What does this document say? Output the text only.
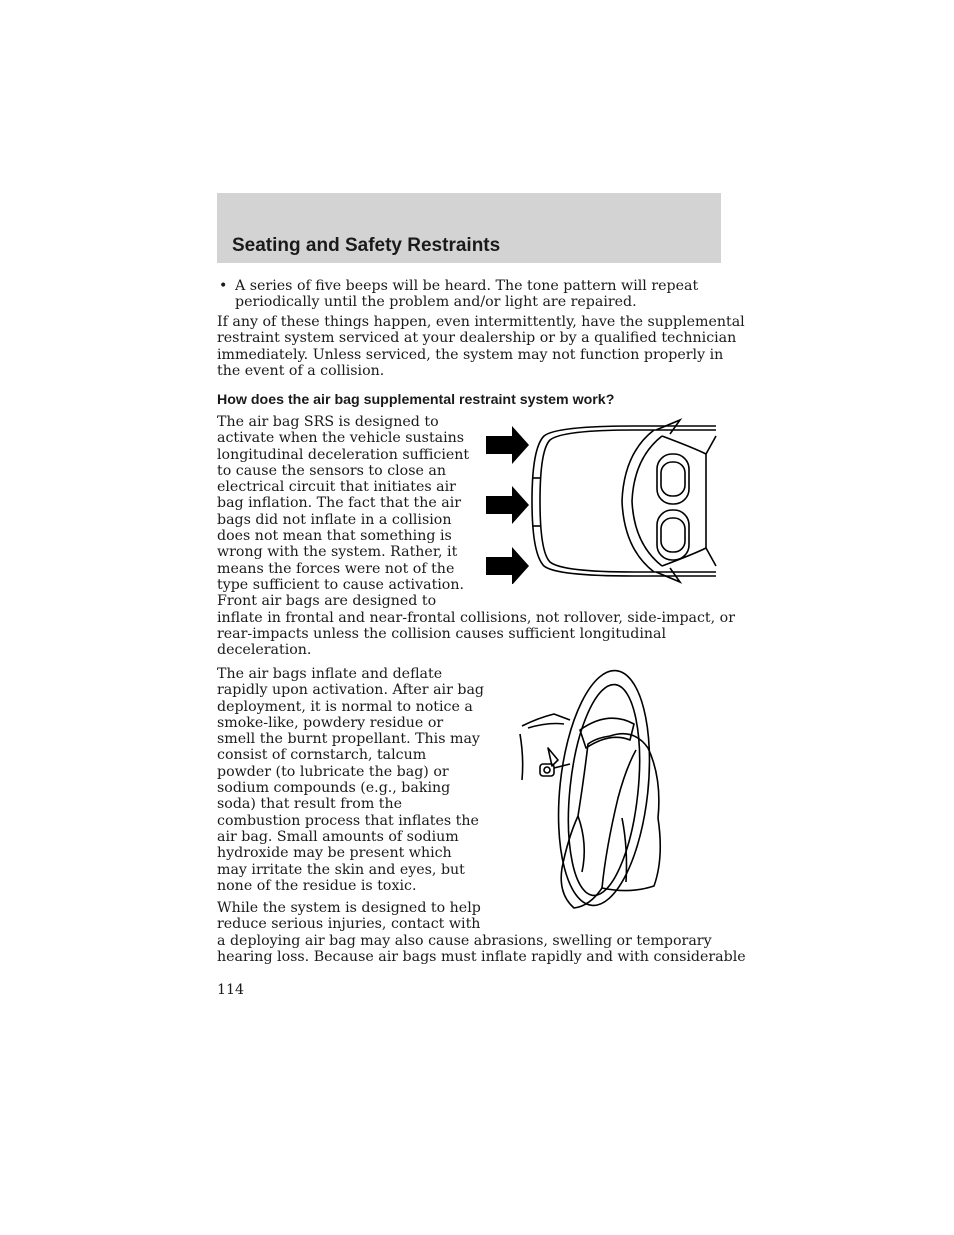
Seating and Safety Restraints
• A series of five beeps will be heard. The tone pattern will repeat
periodically until the problem and/or light are repaired.

If any of these things happen, even intermittently, have the supplemental
restraint system serviced at your dealership or by a qualified technician
immediately. Unless serviced, the system may not function properly in
the event of a collision.

How does the air bag supplemental restraint system work?

The air bag SRS is designed to
activate when the vehicle sustains
longitudinal deceleration sufficient
to cause the sensors to close an
electrical circuit that initiates air
bag inflation. The fact that the air
bags did not inflate in a collision
does not mean that something is
wrong with the system. Rather, it
means the forces were not of the
type sufficient to cause activation.
Front air bags are designed to
inflate in frontal and near-frontal collisions, not rollover, side-impact, or
rear-impacts unless the collision causes sufficient longitudinal
deceleration.

The air bags inflate and deflate
rapidly upon activation. After air bag
deployment, it is normal to notice a
smoke-like, powdery residue or
smell the burnt propellant. This may
consist of cornstarch, talcum
powder (to lubricate the bag) or
sodium compounds (e.g., baking
soda) that result from the
combustion process that inflates the
air bag. Small amounts of sodium
hydroxide may be present which
may irritate the skin and eyes, but
none of the residue is toxic.

While the system is designed to help
reduce serious injuries, contact with
a deploying air bag may also cause abrasions, swelling or temporary
hearing loss. Because air bags must inflate rapidly and with considerable

114
